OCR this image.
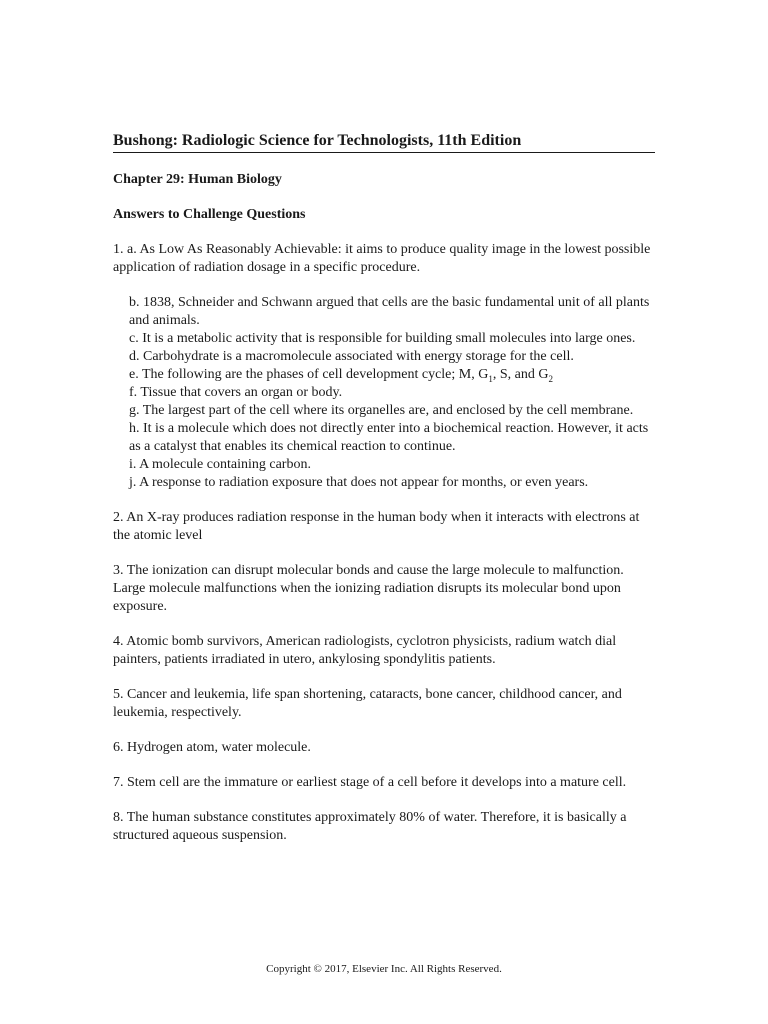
Bushong: Radiologic Science for Technologists, 11th Edition
Chapter 29: Human Biology
Answers to Challenge Questions

1. a. As Low As Reasonably Achievable: it aims to produce quality image in the lowest possible application of radiation dosage in a specific procedure.

b. 1838, Schneider and Schwann argued that cells are the basic fundamental unit of all plants and animals.
c. It is a metabolic activity that is responsible for building small molecules into large ones.
d. Carbohydrate is a macromolecule associated with energy storage for the cell.
e. The following are the phases of cell development cycle; M, $G_1$, S, and $G_2$
f. Tissue that covers an organ or body.
g. The largest part of the cell where its organelles are, and enclosed by the cell membrane.
h. It is a molecule which does not directly enter into a biochemical reaction. However, it acts as a catalyst that enables its chemical reaction to continue.
i. A molecule containing carbon.
j. A response to radiation exposure that does not appear for months, or even years.

2. An X-ray produces radiation response in the human body when it interacts with electrons at the atomic level

3. The ionization can disrupt molecular bonds and cause the large molecule to malfunction.
Large molecule malfunctions when the ionizing radiation disrupts its molecular bond upon exposure.

4. Atomic bomb survivors, American radiologists, cyclotron physicists, radium watch dial painters, patients irradiated in utero, ankylosing spondylitis patients.

5. Cancer and leukemia, life span shortening, cataracts, bone cancer, childhood cancer, and leukemia, respectively.

6. Hydrogen atom, water molecule.

7. Stem cell are the immature or earliest stage of a cell before it develops into a mature cell.

8. The human substance constitutes approximately 80% of water. Therefore, it is basically a structured aqueous suspension.

Copyright © 2017, Elsevier Inc. All Rights Reserved.
